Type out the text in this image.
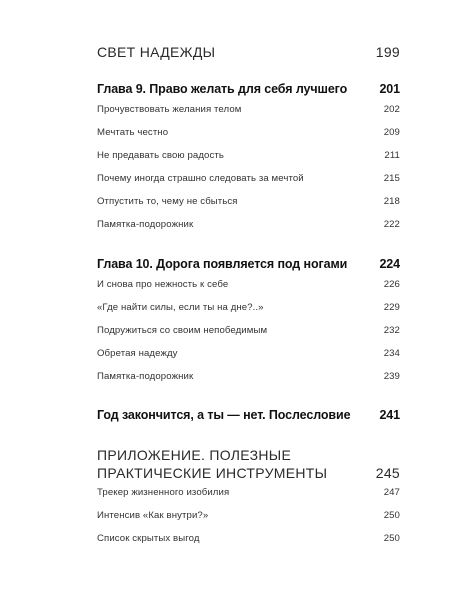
СВЕТ НАДЕЖДЫ	199
Глава 9. Право желать для себя лучшего	201
Прочувствовать желания телом	202
Мечтать честно	209
Не предавать свою радость	211
Почему иногда страшно следовать за мечтой	215
Отпустить то, чему не сбыться	218
Памятка-подорожник	222
Глава 10. Дорога появляется под ногами	224
И снова про нежность к себе	226
«Где найти силы, если ты на дне?..»	229
Подружиться со своим непобедимым	232
Обретая надежду	234
Памятка-подорожник	239
Год закончится, а ты — нет. Послесловие 241
ПРИЛОЖЕНИЕ. ПОЛЕЗНЫЕ ПРАКТИЧЕСКИЕ ИНСТРУМЕНТЫ	245
Трекер жизненного изобилия	247
Интенсив «Как внутри?»	250
Список скрытых выгод	250
